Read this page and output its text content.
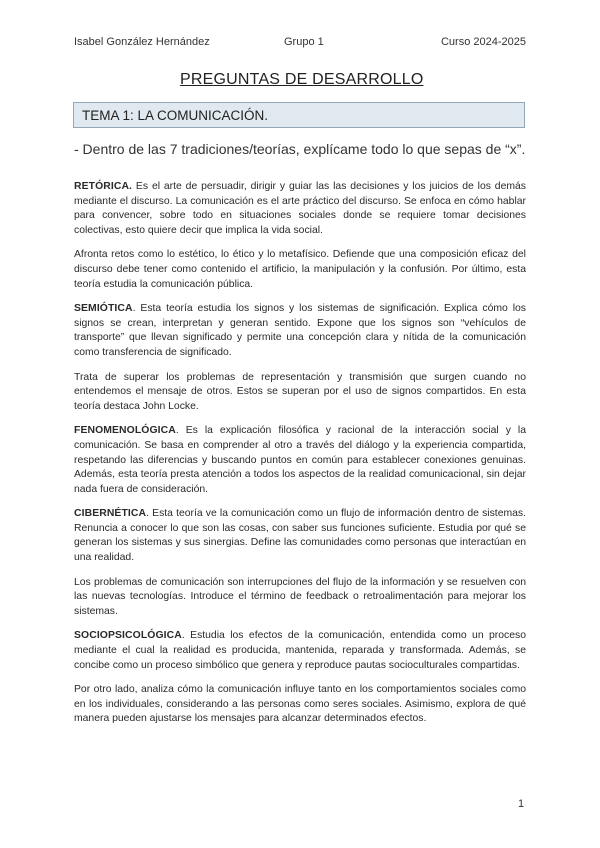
Isabel González Hernández	Grupo 1	Curso 2024-2025
PREGUNTAS DE DESARROLLO
TEMA 1: LA COMUNICACIÓN.
- Dentro de las 7 tradiciones/teorías, explícame todo lo que sepas de “x”.

RETÓRICA. Es el arte de persuadir, dirigir y guiar las las decisiones y los juicios de los demás mediante el discurso. La comunicación es el arte práctico del discurso. Se enfoca en cómo hablar para convencer, sobre todo en situaciones sociales donde se requiere tomar decisiones colectivas, esto quiere decir que implica la vida social.

Afronta retos como lo estético, lo ético y lo metafísico. Defiende que una composición eficaz del discurso debe tener como contenido el artificio, la manipulación y la confusión. Por último, esta teoría estudia la comunicación pública.

SEMIÓTICA. Esta teoría estudia los signos y los sistemas de significación. Explica cómo los signos se crean, interpretan y generan sentido. Expone que los signos son “vehículos de transporte” que llevan significado y permite una concepción clara y nítida de la comunicación como transferencia de significado.

Trata de superar los problemas de representación y transmisión que surgen cuando no entendemos el mensaje de otros. Estos se superan por el uso de signos compartidos. En esta teoría destaca John Locke.

FENOMENOLÓGICA. Es la explicación filosófica y racional de la interacción social y la comunicación. Se basa en comprender al otro a través del diálogo y la experiencia compartida, respetando las diferencias y buscando puntos en común para establecer conexiones genuinas. Además, esta teoría presta atención a todos los aspectos de la realidad comunicacional, sin dejar nada fuera de consideración.

CIBERNÉTICA. Esta teoría ve la comunicación como un flujo de información dentro de sistemas. Renuncia a conocer lo que son las cosas, con saber sus funciones suficiente. Estudia por qué se generan los sistemas y sus sinergias. Define las comunidades como personas que interactúan en una realidad.

Los problemas de comunicación son interrupciones del flujo de la información y se resuelven con las nuevas tecnologías. Introduce el término de feedback o retroalimentación para mejorar los sistemas.

SOCIOPSICOLÓGICA. Estudia los efectos de la comunicación, entendida como un proceso mediante el cual la realidad es producida, mantenida, reparada y transformada. Además, se concibe como un proceso simbólico que genera y reproduce pautas socioculturales compartidas.

Por otro lado, analiza cómo la comunicación influye tanto en los comportamientos sociales como en los individuales, considerando a las personas como seres sociales. Asimismo, explora de qué manera pueden ajustarse los mensajes para alcanzar determinados efectos.

1
